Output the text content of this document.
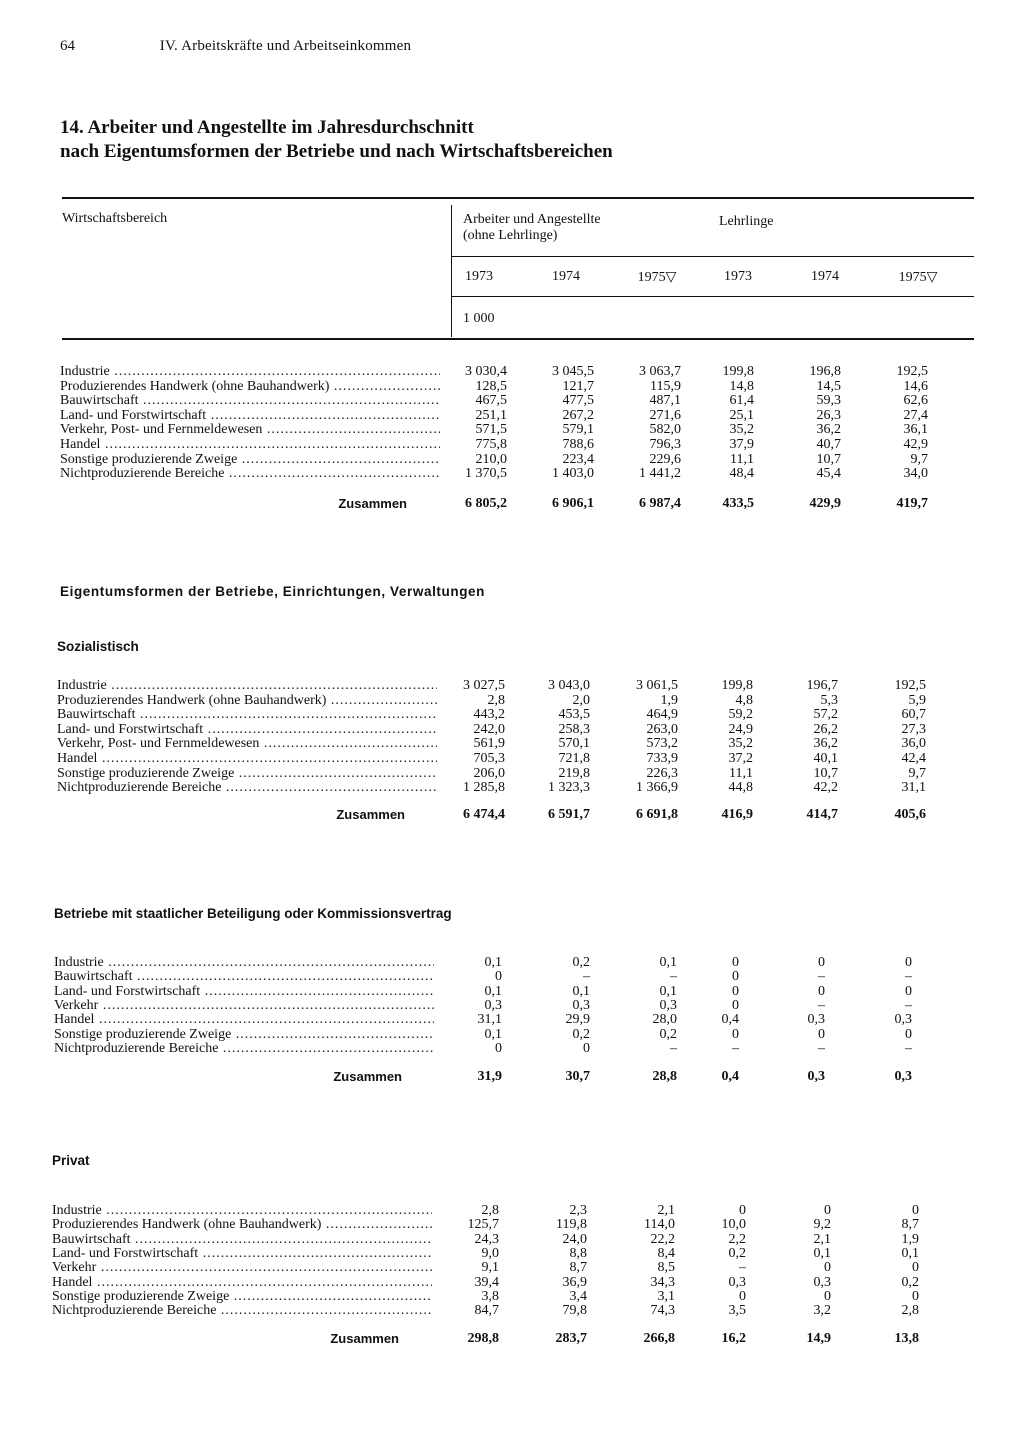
64	IV. Arbeitskräfte und Arbeitseinkommen
14. Arbeiter und Angestellte im Jahresdurchschnitt
nach Eigentumsformen der Betriebe und nach Wirtschaftsbereichen
Wirtschaftsbereich	Arbeiter und Angestellte
(ohne Lehrlinge)
Lehrlinge
1973	1974	1975▽	1973	1974	1975▽
1 000
Eigentumsformen der Betriebe, Einrichtungen, Verwaltungen
Industrie .....	3 030,4	3 045,5	3 063,7	199,8	196,8	192,5
Produzierendes Handwerk (ohne Bauhandwerk) .....	128,5	121,7	115,9	14,8	14,5	14,6
Bauwirtschaft .....	467,5	477,5	487,1	61,4	59,3	62,6
Land- und Forstwirtschaft .....	251,1	267,2	271,6	25,1	26,3	27,4
Verkehr, Post- und Fernmeldewesen .....	571,5	579,1	582,0	35,2	36,2	36,1
Handel .....	775,8	788,6	796,3	37,9	40,7	42,9
Sonstige produzierende Zweige .....	210,0	223,4	229,6	11,1	10,7	9,7
Nichtproduzierende Bereiche .....	1 370,5	1 403,0	1 441,2	48,4	45,4	34,0
Zusammen	6 805,2	6 906,1	6 987,4	433,5	429,9	419,7
Sozialistisch
Industrie .....	3 027,5	3 043,0	3 061,5	199,8	196,7	192,5
Produzierendes Handwerk (ohne Bauhandwerk) .....	2,8	2,0	1,9	4,8	5,3	5,9
Bauwirtschaft .....	443,2	453,5	464,9	59,2	57,2	60,7
Land- und Forstwirtschaft .....	242,0	258,3	263,0	24,9	26,2	27,3
Verkehr, Post- und Fernmeldewesen .....	561,9	570,1	573,2	35,2	36,2	36,0
Handel .....	705,3	721,8	733,9	37,2	40,1	42,4
Sonstige produzierende Zweige .....	206,0	219,8	226,3	11,1	10,7	9,7
Nichtproduzierende Bereiche .....	1 285,8	1 323,3	1 366,9	44,8	42,2	31,1
Zusammen	6 474,4	6 591,7	6 691,8	416,9	414,7	405,6
Betriebe mit staatlicher Beteiligung oder Kommissionsvertrag
Industrie .....	0,1	0,2	0,1	0	0	0
Bauwirtschaft .....	0	–	–	0	–	–
Land- und Forstwirtschaft .....	0,1	0,1	0,1	0	0	0
Verkehr .....	0,3	0,3	0,3	0	–	–
Handel .....	31,1	29,9	28,0	0,4	0,3	0,3
Sonstige produzierende Zweige .....	0,1	0,2	0,2	0	0	0
Nichtproduzierende Bereiche .....	0	0	–	–	–	–
Zusammen	31,9	30,7	28,8	0,4	0,3	0,3
Privat
Industrie .....	2,8	2,3	2,1	0	0	0
Produzierendes Handwerk (ohne Bauhandwerk) .....	125,7	119,8	114,0	10,0	9,2	8,7
Bauwirtschaft .....	24,3	24,0	22,2	2,2	2,1	1,9
Land- und Forstwirtschaft .....	9,0	8,8	8,4	0,2	0,1	0,1
Verkehr .....	9,1	8,7	8,5	–	0	0
Handel .....	39,4	36,9	34,3	0,3	0,3	0,2
Sonstige produzierende Zweige .....	3,8	3,4	3,1	0	0	0
Nichtproduzierende Bereiche .....	84,7	79,8	74,3	3,5	3,2	2,8
Zusammen	298,8	283,7	266,8	16,2	14,9	13,8
